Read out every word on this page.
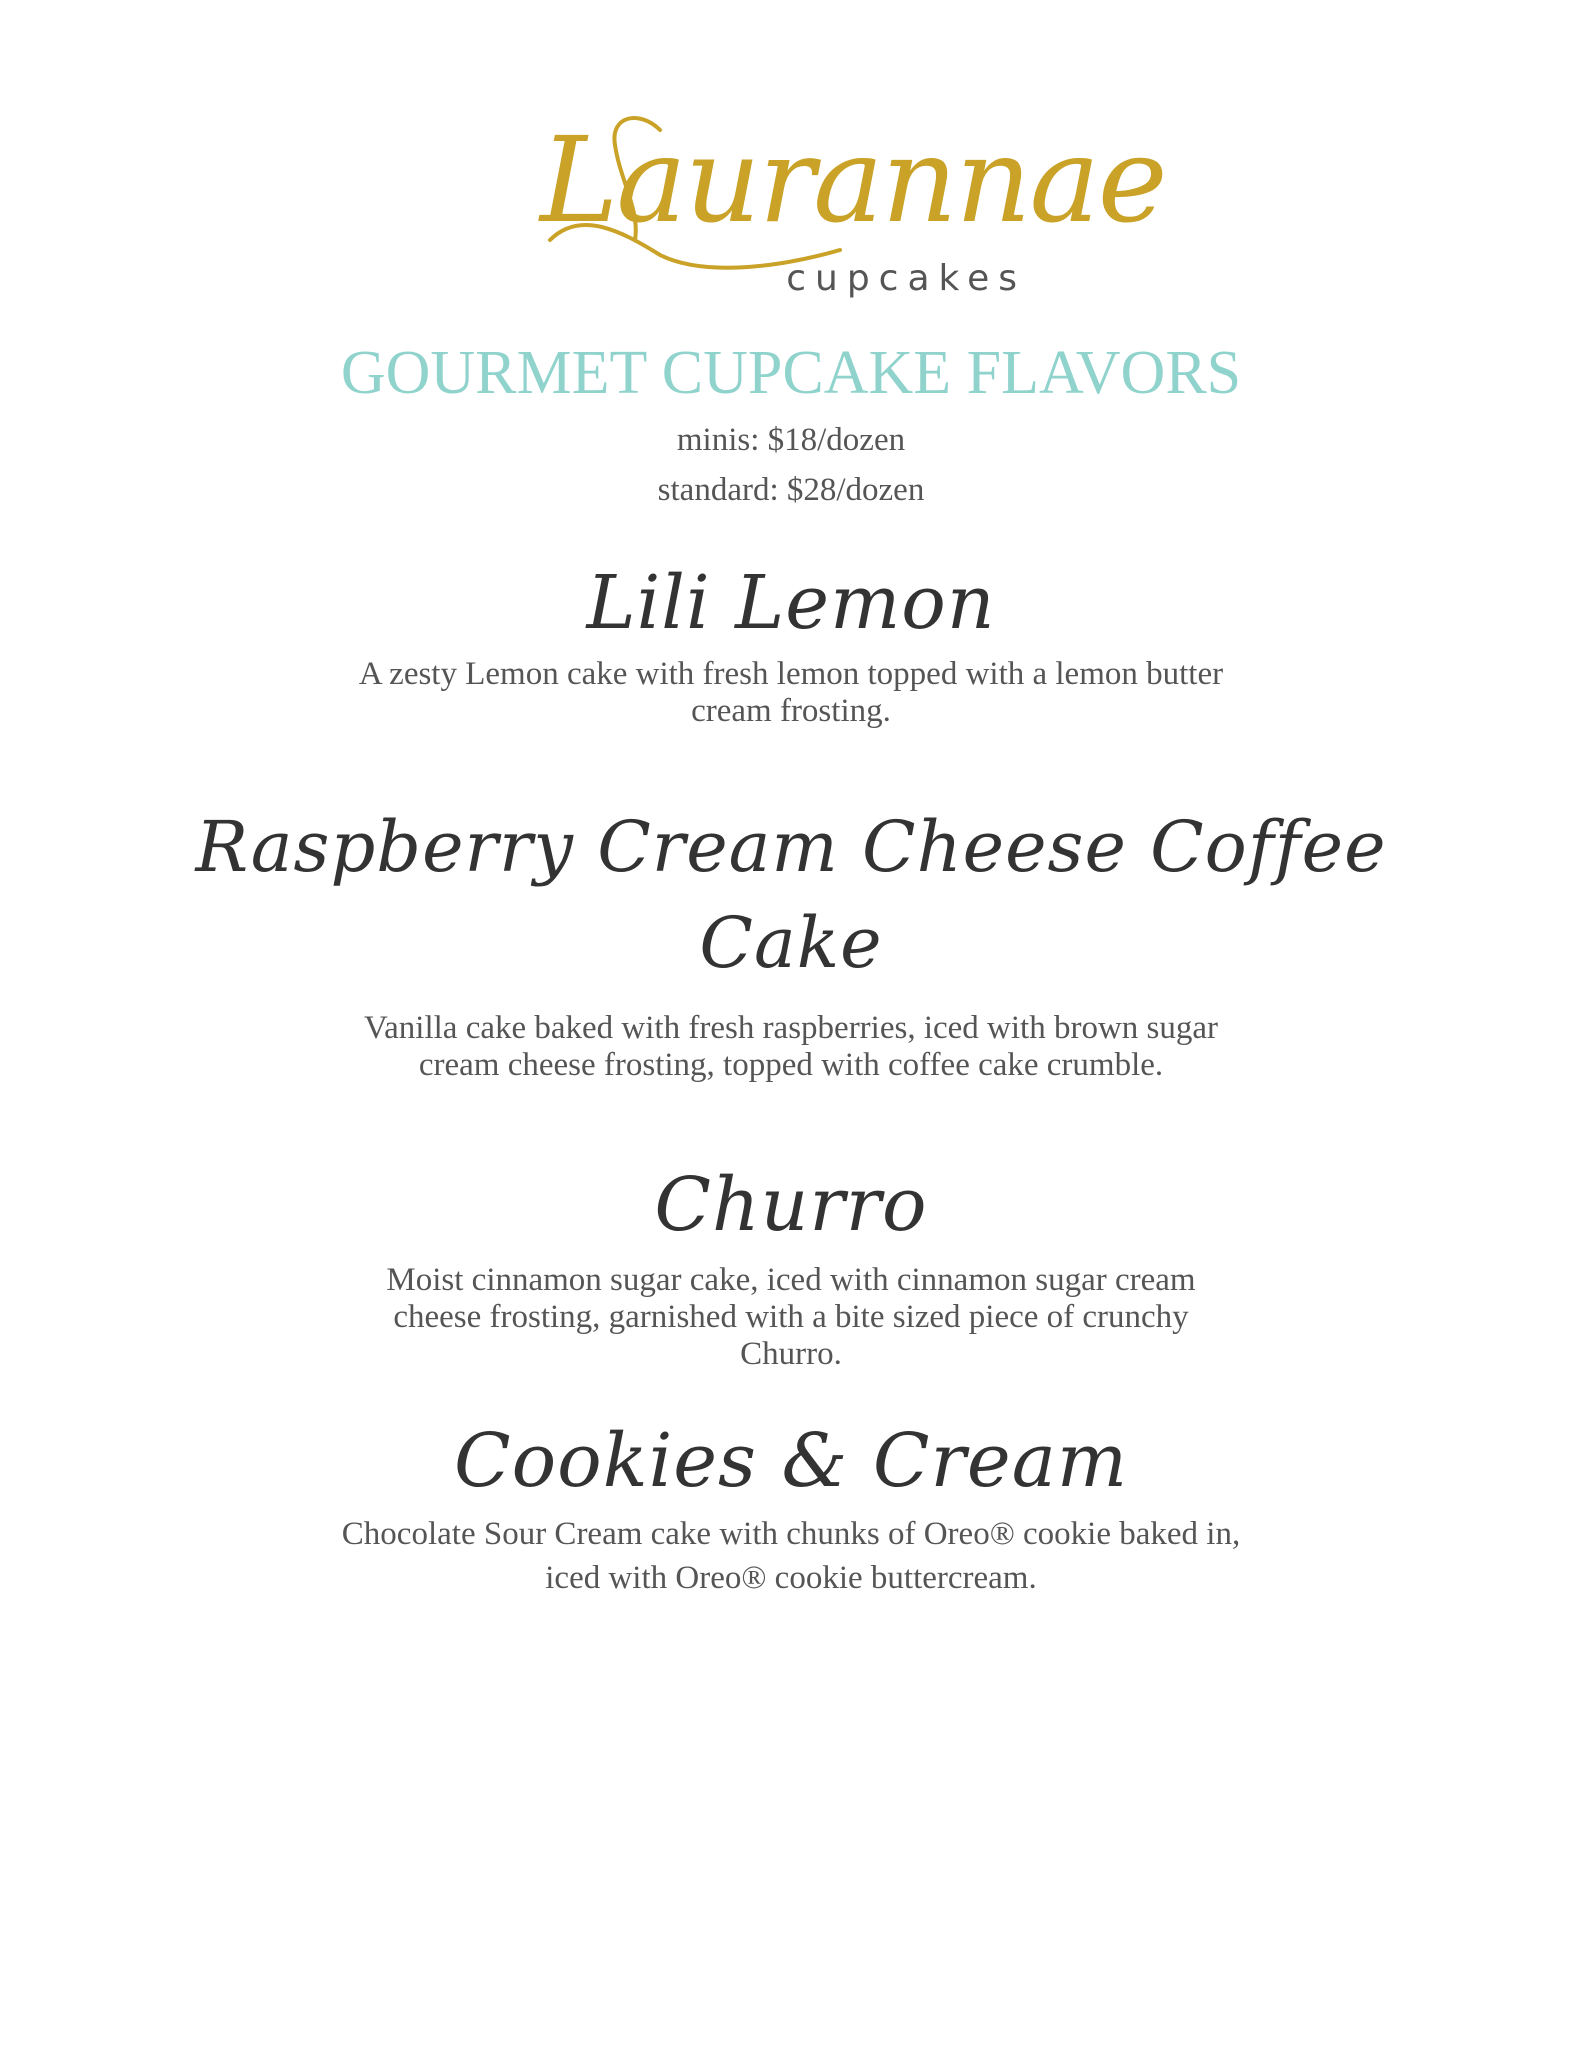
Laurannae
cupcakes
GOURMET CUPCAKE FLAVORS
minis: $18/dozen
standard: $28/dozen
Lili Lemon
A zesty Lemon cake with fresh lemon topped with a lemon butter cream frosting.
Raspberry Cream Cheese Coffee
Cake
Vanilla cake baked with fresh raspberries, iced with brown sugar cream cheese frosting, topped with coffee cake crumble.
Churro
Moist cinnamon sugar cake, iced with cinnamon sugar cream cheese frosting, garnished with a bite sized piece of crunchy Churro.
Cookies & Cream
Chocolate Sour Cream cake with chunks of Oreo® cookie baked in, iced with Oreo® cookie buttercream.
